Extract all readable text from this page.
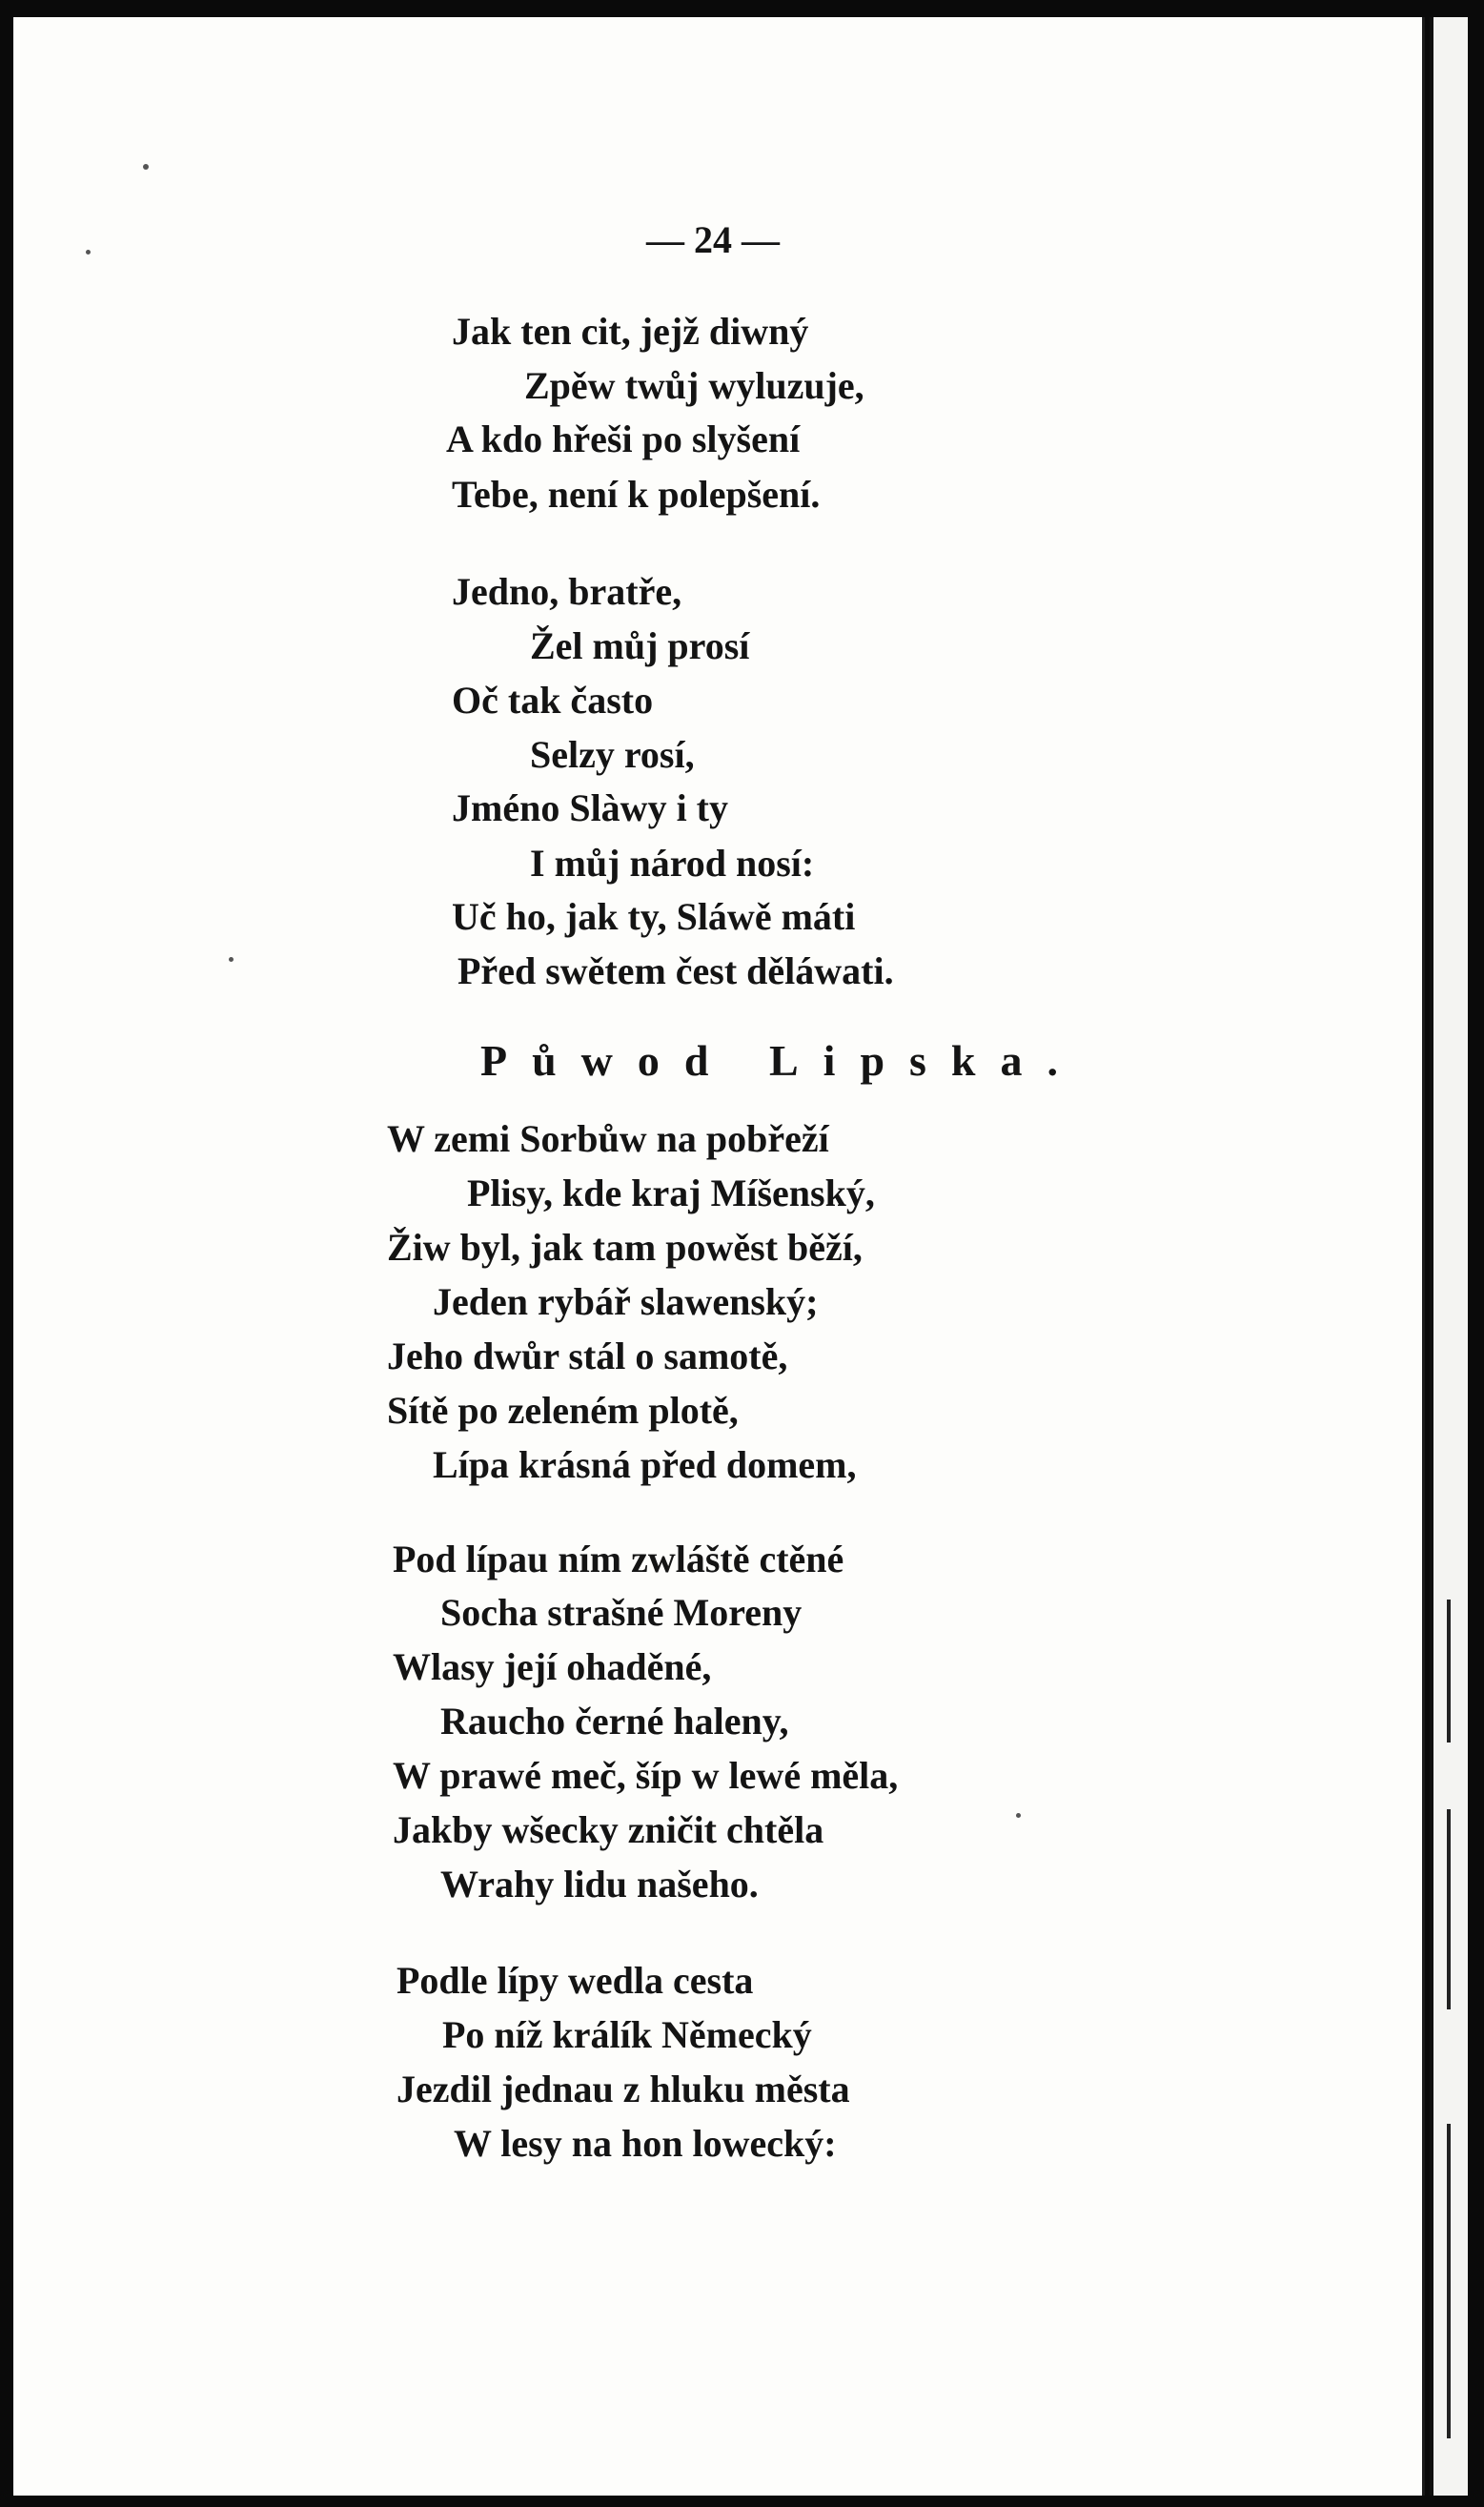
— 24 —
Jak ten cit, jejž diwný
Zpěw twůj wyluzuje,
A kdo hřeši po slyšení
Tebe, není k polepšení.
Jedno, bratře,
Žel můj prosí
Oč tak často
Selzy rosí,
Jméno Slàwy i ty
I můj národ nosí:
Uč ho, jak ty, Sláwě máti
Před swětem čest děláwati.
Půwod Lipska.
W zemi Sorbůw na pobřeží
Plisy, kde kraj Míšenský,
Žiw byl, jak tam powěst běží,
Jeden rybář slawenský;
Jeho dwůr stál o samotě,
Sítě po zeleném plotě,
Lípa krásná před domem,
Pod lípau ním zwláště ctěné
Socha strašné Moreny
Wlasy její ohaděné,
Raucho černé haleny,
W prawé meč, šíp w lewé měla,
Jakby wšecky zničit chtěla
Wrahy lidu našeho.
Podle lípy wedla cesta
Po níž králík Německý
Jezdil jednau z hluku města
W lesy na hon lowecký:
